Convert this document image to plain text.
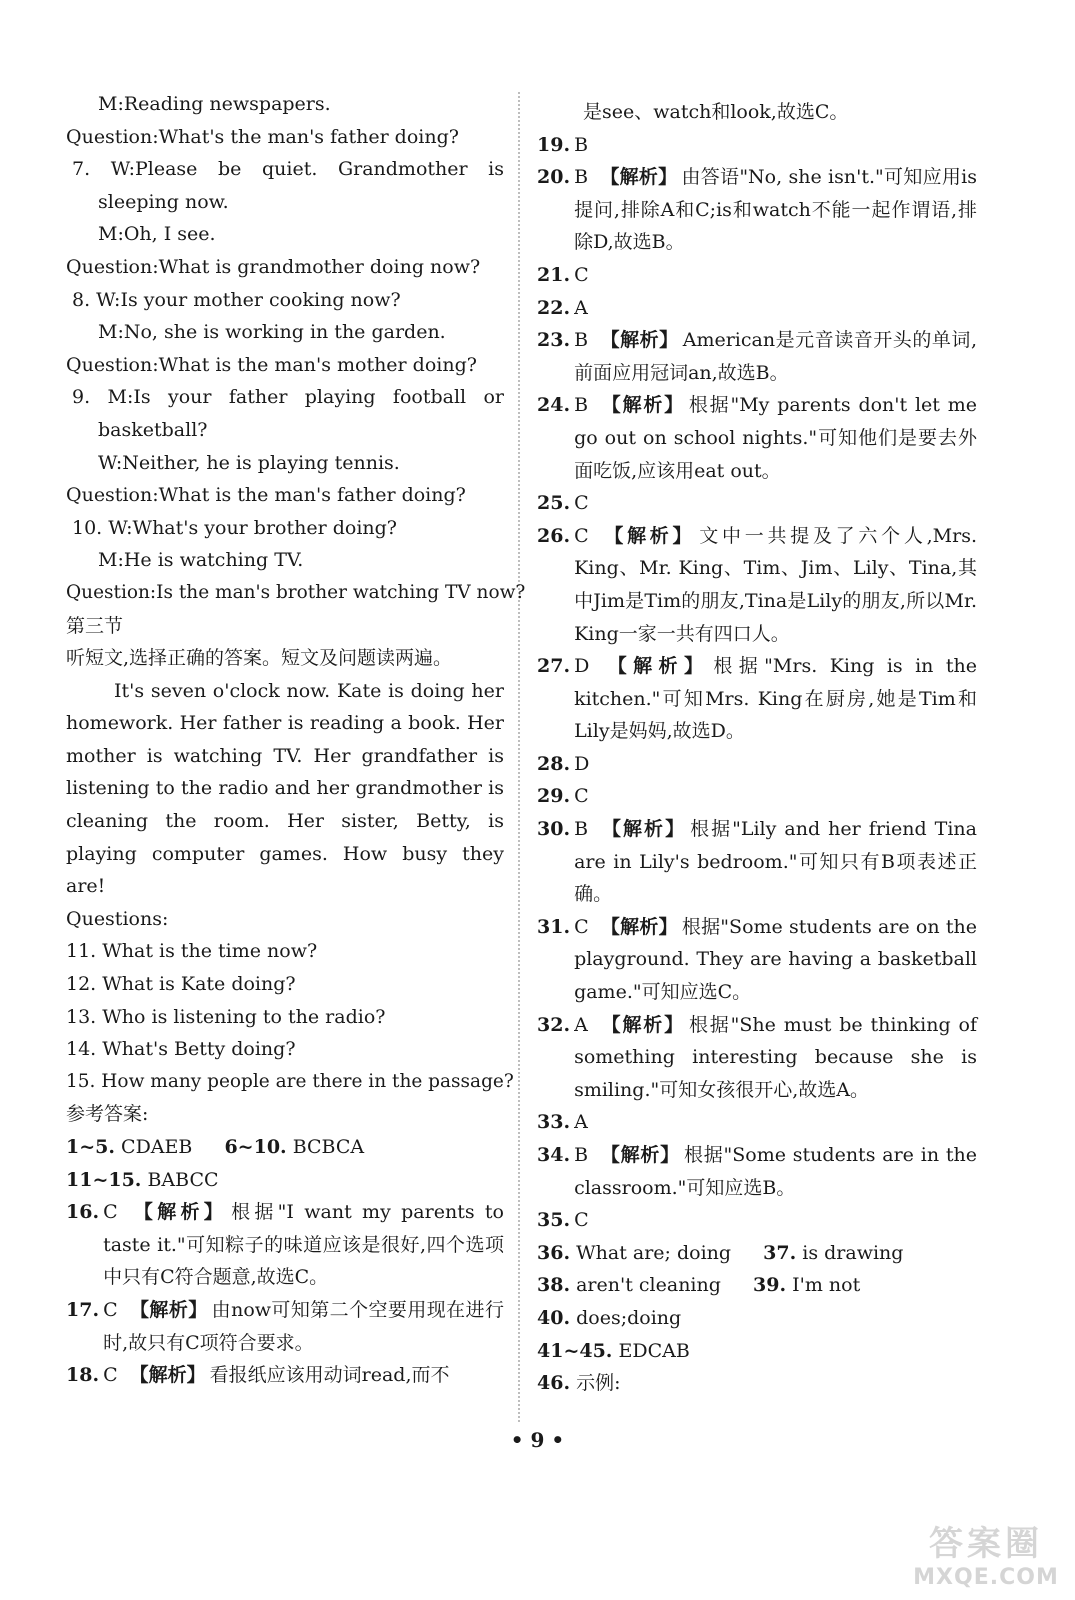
M:Reading newspapers.
Question:What's the man's father doing?
7. W:Please be quiet. Grandmother is sleeping now.
M:Oh, I see.
Question:What is grandmother doing now?
8. W:Is your mother cooking now?
M:No, she is working in the garden.
Question:What is the man's mother doing?
9. M:Is your father playing football or basketball?
W:Neither, he is playing tennis.
Question:What is the man's father doing?
10. W:What's your brother doing?
M:He is watching TV.
Question:Is the man's brother watching TV now?
第三节
听短文,选择正确的答案。短文及问题读两遍。
It's seven o'clock now. Kate is doing her homework. Her father is reading a book. Her mother is watching TV. Her grandfather is listening to the radio and her grandmother is cleaning the room. Her sister, Betty, is playing computer games. How busy they are!
Questions:
11. What is the time now?
12. What is Kate doing?
13. Who is listening to the radio?
14. What's Betty doing?
15. How many people are there in the passage?
参考答案:
1~5. CDAEB 6~10. BCBCA
11~15. BABCC
16. C 【解析】 根据"I want my parents to taste it."可知粽子的味道应该是很好,四个选项中只有C符合题意,故选C。
17. C 【解析】 由now可知第二个空要用现在进行时,故只有C项符合要求。
18. C 【解析】 看报纸应该用动词read,而不
是see、watch和look,故选C。
19. B
20. B 【解析】 由答语"No, she isn't."可知应用is提问,排除A和C;is和watch不能一起作谓语,排除D,故选B。
21. C
22. A
23. B 【解析】 American是元音读音开头的单词,前面应用冠词an,故选B。
24. B 【解析】 根据"My parents don't let me go out on school nights."可知他们是要去外面吃饭,应该用eat out。
25. C
26. C 【解析】 文中一共提及了六个人,Mrs. King、Mr. King、Tim、Jim、Lily、Tina,其中Jim是Tim的朋友,Tina是Lily的朋友,所以Mr. King一家一共有四口人。
27. D 【解析】 根据"Mrs. King is in the kitchen."可知Mrs. King在厨房,她是Tim和Lily是妈妈,故选D。
28. D
29. C
30. B 【解析】 根据"Lily and her friend Tina are in Lily's bedroom."可知只有B项表述正确。
31. C 【解析】 根据"Some students are on the playground. They are having a basketball game."可知应选C。
32. A 【解析】 根据"She must be thinking of something interesting because she is smiling."可知女孩很开心,故选A。
33. A
34. B 【解析】 根据"Some students are in the classroom."可知应选B。
35. C
36. What are; doing 37. is drawing
38. aren't cleaning 39. I'm not
40. does;doing
41~45. EDCAB
46. 示例:
• 9 •
答案圈
MXQE.COM
